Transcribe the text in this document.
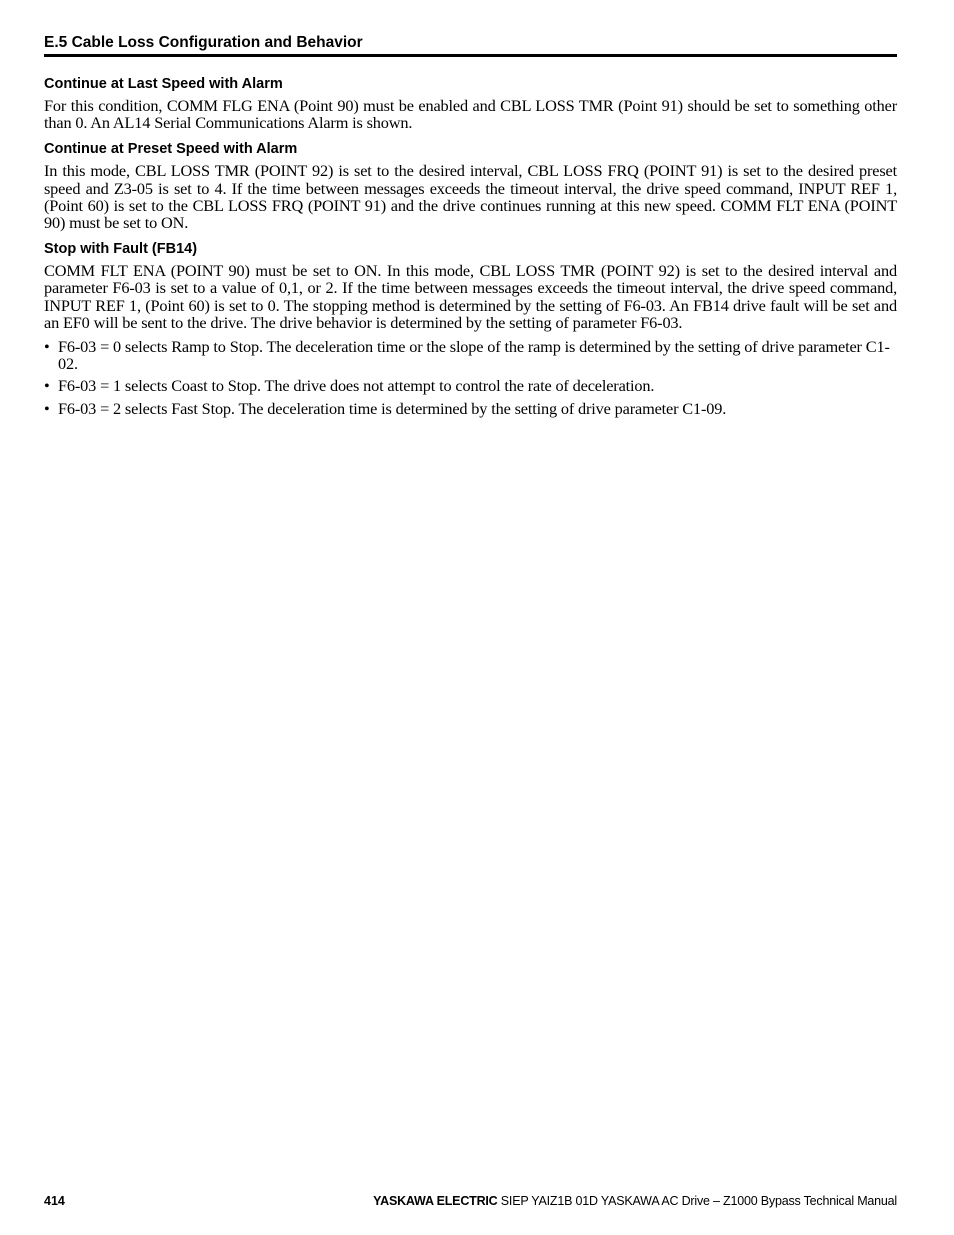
E.5 Cable Loss Configuration and Behavior
Continue at Last Speed with Alarm

For this condition, COMM FLG ENA (Point 90) must be enabled and CBL LOSS TMR (Point 91) should be set to something other than 0. An AL14 Serial Communications Alarm is shown.

Continue at Preset Speed with Alarm

In this mode, CBL LOSS TMR (POINT 92) is set to the desired interval, CBL LOSS FRQ (POINT 91) is set to the desired preset speed and Z3-05 is set to 4. If the time between messages exceeds the timeout interval, the drive speed command, INPUT REF 1, (Point 60) is set to the CBL LOSS FRQ (POINT 91) and the drive continues running at this new speed. COMM FLT ENA (POINT 90) must be set to ON.

Stop with Fault (FB14)

COMM FLT ENA (POINT 90) must be set to ON. In this mode, CBL LOSS TMR (POINT 92) is set to the desired interval and parameter F6-03 is set to a value of 0,1, or 2. If the time between messages exceeds the timeout interval, the drive speed command, INPUT REF 1, (Point 60) is set to 0. The stopping method is determined by the setting of F6-03. An FB14 drive fault will be set and an EF0 will be sent to the drive. The drive behavior is determined by the setting of parameter F6-03.

• F6-03 = 0 selects Ramp to Stop. The deceleration time or the slope of the ramp is determined by the setting of drive parameter C1-02.
• F6-03 = 1 selects Coast to Stop. The drive does not attempt to control the rate of deceleration.
• F6-03 = 2 selects Fast Stop. The deceleration time is determined by the setting of drive parameter C1-09.
414	YASKAWA ELECTRIC SIEP YAIZ1B 01D YASKAWA AC Drive – Z1000 Bypass Technical Manual
